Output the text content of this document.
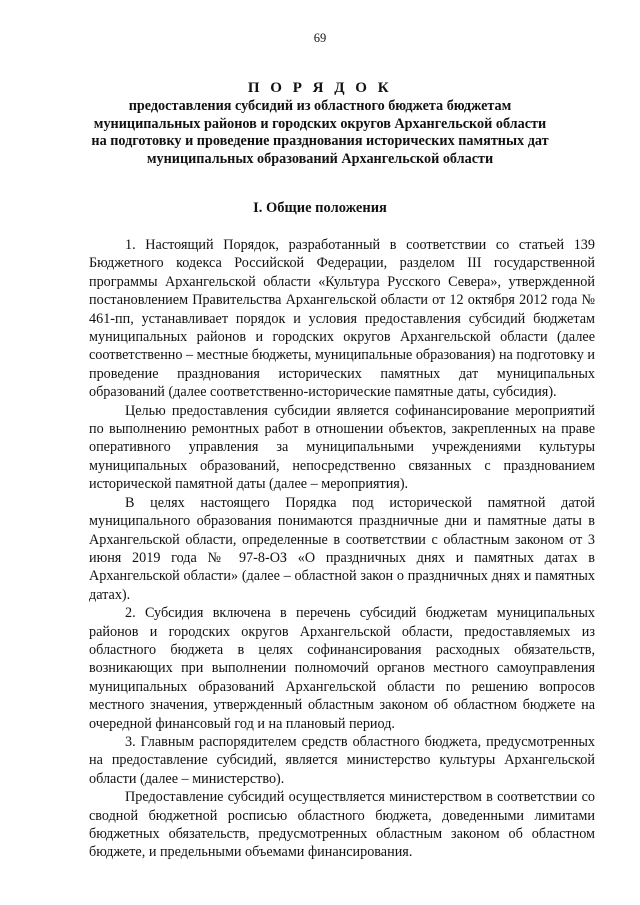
69
П О Р Я Д О К
предоставления субсидий из областного бюджета бюджетам муниципальных районов и городских округов Архангельской области на подготовку и проведение празднования исторических памятных дат муниципальных образований Архангельской области
I. Общие положения

1. Настоящий Порядок, разработанный в соответствии со статьей 139 Бюджетного кодекса Российской Федерации, разделом III государственной программы Архангельской области «Культура Русского Севера», утвержденной постановлением Правительства Архангельской области от 12 октября 2012 года № 461-пп, устанавливает порядок и условия предоставления субсидий бюджетам муниципальных районов и городских округов Архангельской области (далее соответственно – местные бюджеты, муниципальные образования) на подготовку и проведение празднования исторических памятных дат муниципальных образований (далее соответственно-исторические памятные даты, субсидия).

Целью предоставления субсидии является софинансирование мероприятий по выполнению ремонтных работ в отношении объектов, закрепленных на праве оперативного управления за муниципальными учреждениями культуры муниципальных образований, непосредственно связанных с празднованием исторической памятной даты (далее – мероприятия).

В целях настоящего Порядка под исторической памятной датой муниципального образования понимаются праздничные дни и памятные даты в Архангельской области, определенные в соответствии с областным законом от 3 июня 2019 года № 97-8-ОЗ «О праздничных днях и памятных датах в Архангельской области» (далее – областной закон о праздничных днях и памятных датах).

2. Субсидия включена в перечень субсидий бюджетам муниципальных районов и городских округов Архангельской области, предоставляемых из областного бюджета в целях софинансирования расходных обязательств, возникающих при выполнении полномочий органов местного самоуправления муниципальных образований Архангельской области по решению вопросов местного значения, утвержденный областным законом об областном бюджете на очередной финансовый год и на плановый период.

3. Главным распорядителем средств областного бюджета, предусмотренных на предоставление субсидий, является министерство культуры Архангельской области (далее – министерство).

Предоставление субсидий осуществляется министерством в соответствии со сводной бюджетной росписью областного бюджета, доведенными лимитами бюджетных обязательств, предусмотренных областным законом об областном бюджете, и предельными объемами финансирования.
